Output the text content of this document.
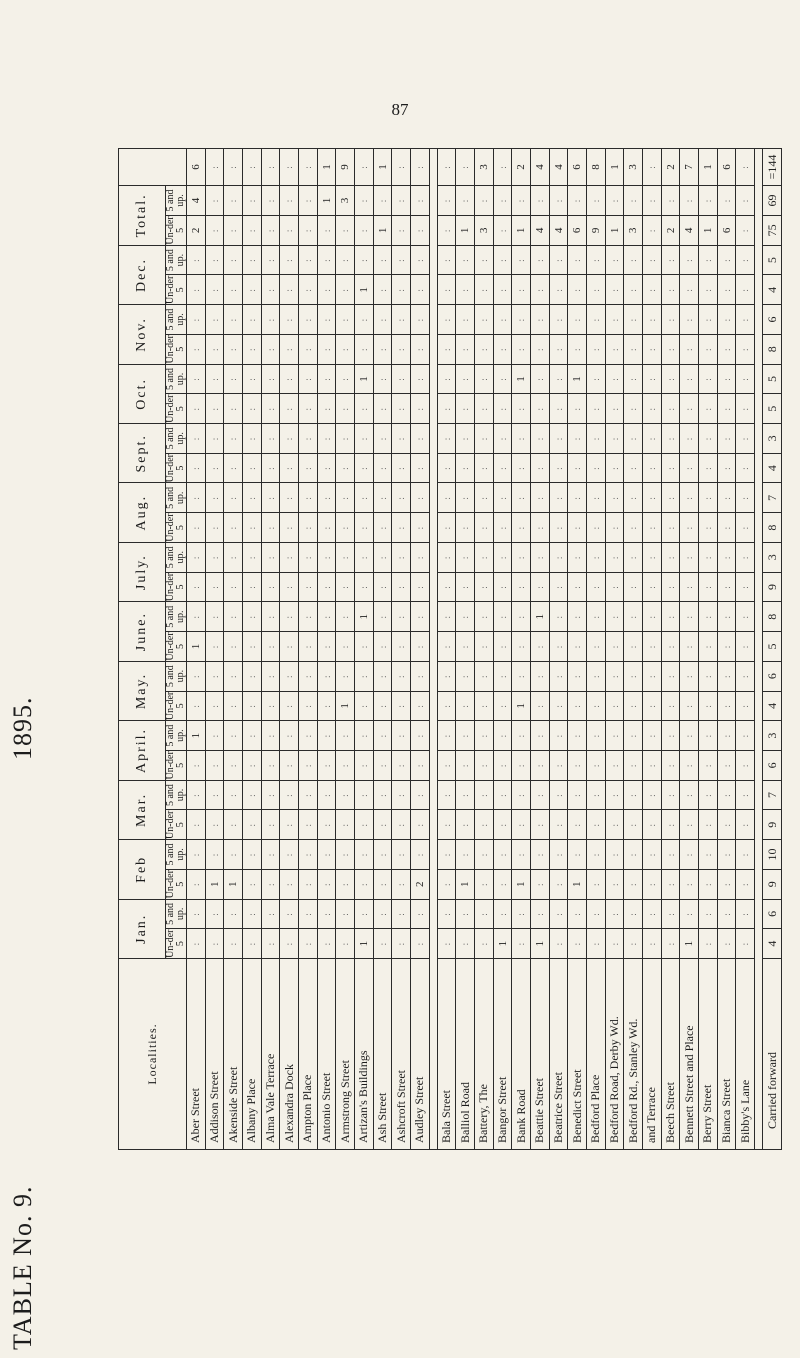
87
TABLE No. 9.
1895.
Localities.	Jan.		Feb		Mar.		April.		May.		June.		July.		Aug.		Sept.		Oct.		Nov.		Dec.		Total.		
	Un-der 5	5 and up.	Un-der 5	5 and up.	Un-der 5	5 and up.	Un-der 5	5 and up.	Un-der 5	5 and up.	Un-der 5	5 and up.	Un-der 5	5 and up.	Un-der 5	5 and up.	Un-der 5	5 and up.	Un-der 5	5 and up.	Un-der 5	5 and up.	Un-der 5	5 and up.	Un-der 5	5 and up.	
Aber Street	:	:	:	:	:	:	:	1	:	:	1	:	:	:	:	:	:	:	:	:	:	:	:	:	2	4	6
Addison Street	:	:	1	:	:	:	:	:	:	:	:	:	:	:	:	:	:	:	:	:	:	:	:	:	:	:	:
Akenside Street	:	:	1	:	:	:	:	:	:	:	:	:	:	:	:	:	:	:	:	:	:	:	:	:	:	:	:
Albany Place	:	:	:	:	:	:	:	:	:	:	:	:	:	:	:	:	:	:	:	:	:	:	:	:	:	:	:
Alma Vale Terrace	:	:	:	:	:	:	:	:	:	:	:	:	:	:	:	:	:	:	:	:	:	:	:	:	:	:	:
Alexandra Dock	:	:	:	:	:	:	:	:	:	:	:	:	:	:	:	:	:	:	:	:	:	:	:	:	:	:	:
Ampton Place	:	:	:	:	:	:	:	:	:	:	:	:	:	:	:	:	:	:	:	:	:	:	:	:	:	:	:
Antonio Street	:	:	:	:	:	:	:	:	:	:	:	:	:	:	:	:	:	:	:	:	:	:	:	:	:	1	1
Armstrong Street	:	:	:	:	:	:	:	:	1	:	:	:	:	:	:	:	:	:	:	:	:	:	:	:	:	3	9
Artizan's Buildings	1	:	:	:	:	:	:	:	:	:	:	1	:	:	:	:	:	:	:	1	:	:	1	:	:	:	:
Ash Street	:	:	:	:	:	:	:	:	:	:	:	:	:	:	:	:	:	:	:	:	:	:	:	:	1	:	1
Ashcroft Street	:	:	:	:	:	:	:	:	:	:	:	:	:	:	:	:	:	:	:	:	:	:	:	:	:	:	:
Audley Street	:	:	2	:	:	:	:	:	:	:	:	:	:	:	:	:	:	:	:	:	:	:	:	:	:	:	:

Bala Street	:	:	:	:	:	:	:	:	:	:	:	:	:	:	:	:	:	:	:	:	:	:	:	:	:	:	:
Balliol Road	:	:	1	:	:	:	:	:	:	:	:	:	:	:	:	:	:	:	:	:	:	:	:	:	1	:	:
Battery, The	:	:	:	:	:	:	:	:	:	:	:	:	:	:	:	:	:	:	:	:	:	:	:	:	3	:	3
Bangor Street	1	:	:	:	:	:	:	:	:	:	:	:	:	:	:	:	:	:	:	:	:	:	:	:	:	:	:
Bank Road	:	:	1	:	:	:	:	:	1	:	:	:	:	:	:	:	:	:	:	1	:	:	:	:	1	:	2
Beattie Street	1	:	:	:	:	:	:	:	:	:	:	1	:	:	:	:	:	:	:	:	:	:	:	:	4	:	4
Beatrice Street	:	:	:	:	:	:	:	:	:	:	:	:	:	:	:	:	:	:	:	:	:	:	:	:	4	:	4
Benedict Street	:	:	1	:	:	:	:	:	:	:	:	:	:	:	:	:	:	:	:	1	:	:	:	:	6	:	6
Bedford Place	:	:	:	:	:	:	:	:	:	:	:	:	:	:	:	:	:	:	:	:	:	:	:	:	9	:	8
Bedford Road, Derby Wd.	:	:	:	:	:	:	:	:	:	:	:	:	:	:	:	:	:	:	:	:	:	:	:	:	1	:	1
Bedford Rd., Stanley Wd.	:	:	:	:	:	:	:	:	:	:	:	:	:	:	:	:	:	:	:	:	:	:	:	:	3	:	3
and Terrace	:	:	:	:	:	:	:	:	:	:	:	:	:	:	:	:	:	:	:	:	:	:	:	:	:	:	:
Beech Street	:	:	:	:	:	:	:	:	:	:	:	:	:	:	:	:	:	:	:	:	:	:	:	:	2	:	2
Bennett Street and Place	1	:	:	:	:	:	:	:	:	:	:	:	:	:	:	:	:	:	:	:	:	:	:	:	4	:	7
Berry Street	:	:	:	:	:	:	:	:	:	:	:	:	:	:	:	:	:	:	:	:	:	:	:	:	1	:	1
Bianca Street	:	:	:	:	:	:	:	:	:	:	:	:	:	:	:	:	:	:	:	:	:	:	:	:	6	:	6
Bibby's Lane	:	:	:	:	:	:	:	:	:	:	:	:	:	:	:	:	:	:	:	:	:	:	:	:	:	:	:

Carried forward	4	6	9	10	9	7	6	3	4	6	5	8	9	3	8	7	4	3	5	5	8	6	4	5	75	69	=144
